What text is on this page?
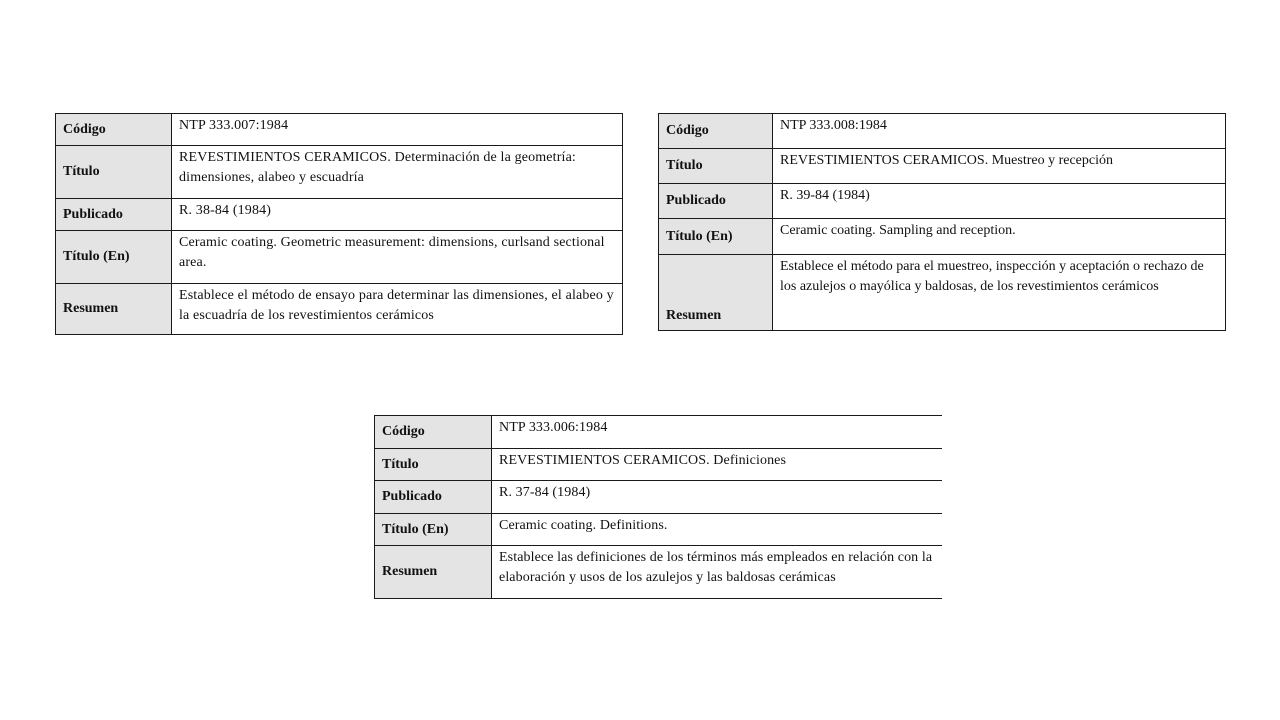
Código	NTP 333.007:1984
Título	REVESTIMIENTOS CERAMICOS. Determinación de la geometría: dimensiones, alabeo y escuadría
Publicado	R. 38-84 (1984)
Título (En)	Ceramic coating. Geometric measurement: dimensions, curlsand sectional area.
Resumen	Establece el método de ensayo para determinar las dimensiones, el alabeo y la escuadría de los revestimientos cerámicos
Código	NTP 333.008:1984
Título	REVESTIMIENTOS CERAMICOS. Muestreo y recepción
Publicado	R. 39-84 (1984)
Título (En)	Ceramic coating. Sampling and reception.
Resumen	Establece el método para el muestreo, inspección y aceptación o rechazo de los azulejos o mayólica y baldosas, de los revestimientos cerámicos
Código	NTP 333.006:1984
Título	REVESTIMIENTOS CERAMICOS. Definiciones
Publicado	R. 37-84 (1984)
Título (En)	Ceramic coating. Definitions.
Resumen	Establece las definiciones de los términos más empleados en relación con la elaboración y usos de los azulejos y las baldosas cerámicas
